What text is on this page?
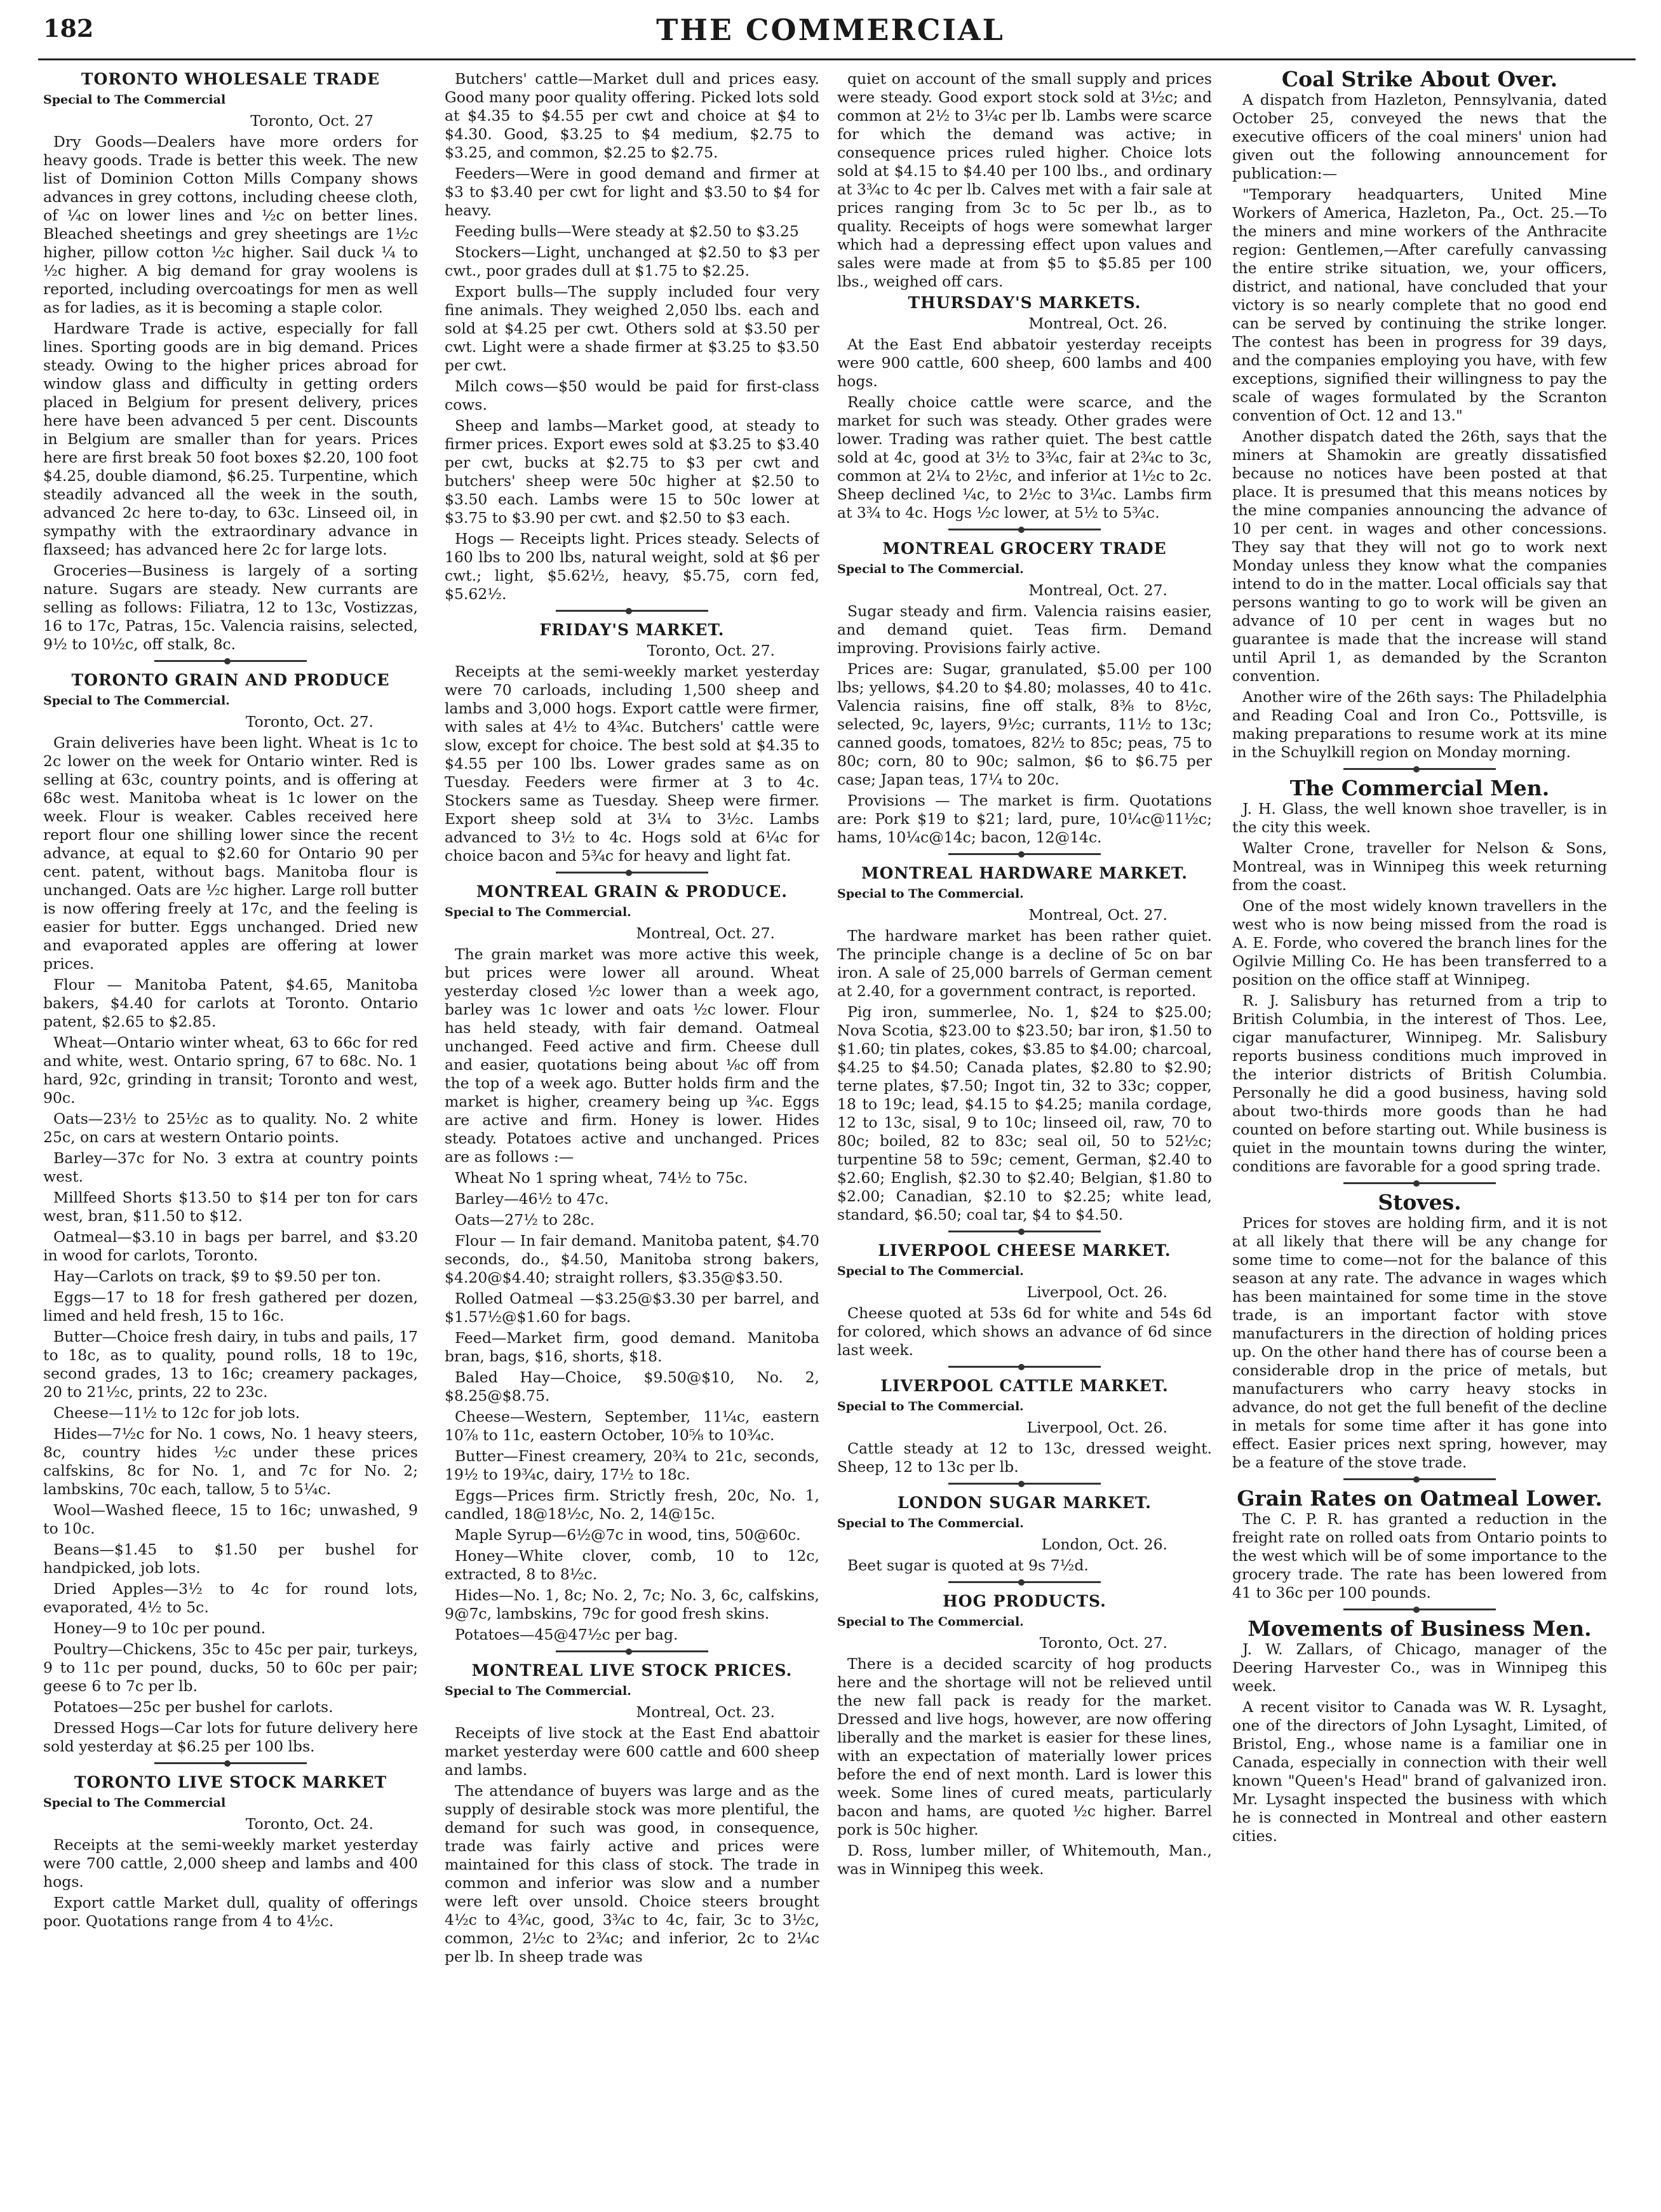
182	THE COMMERCIAL

TORONTO WHOLESALE TRADE

Special to The Commercial

Toronto, Oct. 27

Dry Goods—Dealers have more orders for heavy goods. Trade is better this week. The new list of Dominion Cotton Mills Company shows advances in grey cottons, including cheese cloth, of ¼c on lower lines and ½c on better lines. Bleached sheetings and grey sheetings are 1½c higher, pillow cotton ½c higher. Sail duck ¼ to ½c higher. A big demand for gray woolens is reported, including overcoatings for men as well as for ladies, as it is becoming a staple color.

Hardware Trade is active, especially for fall lines. Sporting goods are in big demand. Prices steady. Owing to the higher prices abroad for window glass and difficulty in getting orders placed in Belgium for present delivery, prices here have been advanced 5 per cent. Discounts in Belgium are smaller than for years. Prices here are first break 50 foot boxes $2.20, 100 foot $4.25, double diamond, $6.25. Turpentine, which steadily advanced all the week in the south, advanced 2c here to-day, to 63c. Linseed oil, in sympathy with the extraordinary advance in flaxseed; has advanced here 2c for large lots.

Groceries—Business is largely of a sorting nature. Sugars are steady. New currants are selling as follows: Filiatra, 12 to 13c, Vostizzas, 16 to 17c, Patras, 15c. Valencia raisins, selected, 9½ to 10½c, off stalk, 8c.

TORONTO GRAIN AND PRODUCE

Special to The Commercial.

Toronto, Oct. 27.

Grain deliveries have been light. Wheat is 1c to 2c lower on the week for Ontario winter. Red is selling at 63c, country points, and is offering at 68c west. Manitoba wheat is 1c lower on the week. Flour is weaker. Cables received here report flour one shilling lower since the recent advance, at equal to $2.60 for Ontario 90 per cent. patent, without bags. Manitoba flour is unchanged. Oats are ½c higher. Large roll butter is now offering freely at 17c, and the feeling is easier for butter. Eggs unchanged. Dried new and evaporated apples are offering at lower prices.

Flour — Manitoba Patent, $4.65, Manitoba bakers, $4.40 for carlots at Toronto. Ontario patent, $2.65 to $2.85.

Wheat—Ontario winter wheat, 63 to 66c for red and white, west. Ontario spring, 67 to 68c. No. 1 hard, 92c, grinding in transit; Toronto and west, 90c.

Oats—23½ to 25½c as to quality. No. 2 white 25c, on cars at western Ontario points.

Barley—37c for No. 3 extra at country points west.

Millfeed Shorts $13.50 to $14 per ton for cars west, bran, $11.50 to $12.

Oatmeal—$3.10 in bags per barrel, and $3.20 in wood for carlots, Toronto.

Hay—Carlots on track, $9 to $9.50 per ton.

Eggs—17 to 18 for fresh gathered per dozen, limed and held fresh, 15 to 16c.

Butter—Choice fresh dairy, in tubs and pails, 17 to 18c, as to quality, pound rolls, 18 to 19c, second grades, 13 to 16c; creamery packages, 20 to 21½c, prints, 22 to 23c.

Cheese—11½ to 12c for job lots.

Hides—7½c for No. 1 cows, No. 1 heavy steers, 8c, country hides ½c under these prices calfskins, 8c for No. 1, and 7c for No. 2; lambskins, 70c each, tallow, 5 to 5¼c.

Wool—Washed fleece, 15 to 16c; unwashed, 9 to 10c.

Beans—$1.45 to $1.50 per bushel for handpicked, job lots.

Dried Apples—3½ to 4c for round lots, evaporated, 4½ to 5c.

Honey—9 to 10c per pound.

Poultry—Chickens, 35c to 45c per pair, turkeys, 9 to 11c per pound, ducks, 50 to 60c per pair; geese 6 to 7c per lb.

Potatoes—25c per bushel for carlots.

Dressed Hogs—Car lots for future delivery here sold yesterday at $6.25 per 100 lbs.

TORONTO LIVE STOCK MARKET

Special to The Commercial

Toronto, Oct. 24.

Receipts at the semi-weekly market yesterday were 700 cattle, 2,000 sheep and lambs and 400 hogs.

Export cattle Market dull, quality of offerings poor. Quotations range from 4 to 4½c.

Butchers' cattle—Market dull and prices easy. Good many poor quality offering. Picked lots sold at $4.35 to $4.55 per cwt and choice at $4 to $4.30. Good, $3.25 to $4 medium, $2.75 to $3.25, and common, $2.25 to $2.75.

Feeders—Were in good demand and firmer at $3 to $3.40 per cwt for light and $3.50 to $4 for heavy.

Feeding bulls—Were steady at $2.50 to $3.25

Stockers—Light, unchanged at $2.50 to $3 per cwt., poor grades dull at $1.75 to $2.25.

Export bulls—The supply included four very fine animals. They weighed 2,050 lbs. each and sold at $4.25 per cwt. Others sold at $3.50 per cwt. Light were a shade firmer at $3.25 to $3.50 per cwt.

Milch cows—$50 would be paid for first-class cows.

Sheep and lambs—Market good, at steady to firmer prices. Export ewes sold at $3.25 to $3.40 per cwt, bucks at $2.75 to $3 per cwt and butchers' sheep were 50c higher at $2.50 to $3.50 each. Lambs were 15 to 50c lower at $3.75 to $3.90 per cwt. and $2.50 to $3 each.

Hogs — Receipts light. Prices steady. Selects of 160 lbs to 200 lbs, natural weight, sold at $6 per cwt.; light, $5.62½, heavy, $5.75, corn fed, $5.62½.

FRIDAY'S MARKET.

Toronto, Oct. 27.

Receipts at the semi-weekly market yesterday were 70 carloads, including 1,500 sheep and lambs and 3,000 hogs. Export cattle were firmer, with sales at 4½ to 4¾c. Butchers' cattle were slow, except for choice. The best sold at $4.35 to $4.55 per 100 lbs. Lower grades same as on Tuesday. Feeders were firmer at 3 to 4c. Stockers same as Tuesday. Sheep were firmer. Export sheep sold at 3¼ to 3½c. Lambs advanced to 3½ to 4c. Hogs sold at 6¼c for choice bacon and 5¾c for heavy and light fat.

MONTREAL GRAIN & PRODUCE.

Special to The Commercial.

Montreal, Oct. 27.

The grain market was more active this week, but prices were lower all around. Wheat yesterday closed ½c lower than a week ago, barley was 1c lower and oats ½c lower. Flour has held steady, with fair demand. Oatmeal unchanged. Feed active and firm. Cheese dull and easier, quotations being about ⅛c off from the top of a week ago. Butter holds firm and the market is higher, creamery being up ¾c. Eggs are active and firm. Honey is lower. Hides steady. Potatoes active and unchanged. Prices are as follows :—

Wheat No 1 spring wheat, 74½ to 75c.

Barley—46½ to 47c.

Oats—27½ to 28c.

Flour — In fair demand. Manitoba patent, $4.70 seconds, do., $4.50, Manitoba strong bakers, $4.20@$4.40; straight rollers, $3.35@$3.50.

Rolled Oatmeal —$3.25@$3.30 per barrel, and $1.57½@$1.60 for bags.

Feed—Market firm, good demand. Manitoba bran, bags, $16, shorts, $18.

Baled Hay—Choice, $9.50@$10, No. 2, $8.25@$8.75.

Cheese—Western, September, 11¼c, eastern 10⅞ to 11c, eastern October, 10⅝ to 10¾c.

Butter—Finest creamery, 20¾ to 21c, seconds, 19½ to 19¾c, dairy, 17½ to 18c.

Eggs—Prices firm. Strictly fresh, 20c, No. 1, candled, 18@18½c, No. 2, 14@15c.

Maple Syrup—6½@7c in wood, tins, 50@60c.

Honey—White clover, comb, 10 to 12c, extracted, 8 to 8½c.

Hides—No. 1, 8c; No. 2, 7c; No. 3, 6c, calfskins, 9@7c, lambskins, 79c for good fresh skins.

Potatoes—45@47½c per bag.

MONTREAL LIVE STOCK PRICES.

Special to The Commercial.

Montreal, Oct. 23.

Receipts of live stock at the East End abattoir market yesterday were 600 cattle and 600 sheep and lambs.

The attendance of buyers was large and as the supply of desirable stock was more plentiful, the demand for such was good, in consequence, trade was fairly active and prices were maintained for this class of stock. The trade in common and inferior was slow and a number were left over unsold. Choice steers brought 4½c to 4¾c, good, 3¾c to 4c, fair, 3c to 3½c, common, 2½c to 2¾c; and inferior, 2c to 2¼c per lb. In sheep trade was

quiet on account of the small supply and prices were steady. Good export stock sold at 3½c; and common at 2½ to 3¼c per lb. Lambs were scarce for which the demand was active; in consequence prices ruled higher. Choice lots sold at $4.15 to $4.40 per 100 lbs., and ordinary at 3¾c to 4c per lb. Calves met with a fair sale at prices ranging from 3c to 5c per lb., as to quality. Receipts of hogs were somewhat larger which had a depressing effect upon values and sales were made at from $5 to $5.85 per 100 lbs., weighed off cars.

THURSDAY'S MARKETS.

Montreal, Oct. 26.

At the East End abbatoir yesterday receipts were 900 cattle, 600 sheep, 600 lambs and 400 hogs.

Really choice cattle were scarce, and the market for such was steady. Other grades were lower. Trading was rather quiet. The best cattle sold at 4c, good at 3½ to 3¾c, fair at 2¾c to 3c, common at 2¼ to 2½c, and inferior at 1½c to 2c. Sheep declined ¼c, to 2½c to 3¼c. Lambs firm at 3¾ to 4c. Hogs ½c lower, at 5½ to 5¾c.

MONTREAL GROCERY TRADE

Special to The Commercial.

Montreal, Oct. 27.

Sugar steady and firm. Valencia raisins easier, and demand quiet. Teas firm. Demand improving. Provisions fairly active.

Prices are: Sugar, granulated, $5.00 per 100 lbs; yellows, $4.20 to $4.80; molasses, 40 to 41c. Valencia raisins, fine off stalk, 8⅜ to 8½c, selected, 9c, layers, 9½c; currants, 11½ to 13c; canned goods, tomatoes, 82½ to 85c; peas, 75 to 80c; corn, 80 to 90c; salmon, $6 to $6.75 per case; Japan teas, 17¼ to 20c.

Provisions — The market is firm. Quotations are: Pork $19 to $21; lard, pure, 10¼c@11½c; hams, 10¼c@14c; bacon, 12@14c.

MONTREAL HARDWARE MARKET.

Special to The Commercial.

Montreal, Oct. 27.

The hardware market has been rather quiet. The principle change is a decline of 5c on bar iron. A sale of 25,000 barrels of German cement at 2.40, for a government contract, is reported.

Pig iron, summerlee, No. 1, $24 to $25.00; Nova Scotia, $23.00 to $23.50; bar iron, $1.50 to $1.60; tin plates, cokes, $3.85 to $4.00; charcoal, $4.25 to $4.50; Canada plates, $2.80 to $2.90; terne plates, $7.50; Ingot tin, 32 to 33c; copper, 18 to 19c; lead, $4.15 to $4.25; manila cordage, 12 to 13c, sisal, 9 to 10c; linseed oil, raw, 70 to 80c; boiled, 82 to 83c; seal oil, 50 to 52½c; turpentine 58 to 59c; cement, German, $2.40 to $2.60; English, $2.30 to $2.40; Belgian, $1.80 to $2.00; Canadian, $2.10 to $2.25; white lead, standard, $6.50; coal tar, $4 to $4.50.

LIVERPOOL CHEESE MARKET.

Special to The Commercial.

Liverpool, Oct. 26.

Cheese quoted at 53s 6d for white and 54s 6d for colored, which shows an advance of 6d since last week.

LIVERPOOL CATTLE MARKET.

Special to The Commercial.

Liverpool, Oct. 26.

Cattle steady at 12 to 13c, dressed weight. Sheep, 12 to 13c per lb.

LONDON SUGAR MARKET.

Special to The Commercial.

London, Oct. 26.

Beet sugar is quoted at 9s 7½d.

HOG PRODUCTS.

Special to The Commercial.

Toronto, Oct. 27.

There is a decided scarcity of hog products here and the shortage will not be relieved until the new fall pack is ready for the market. Dressed and live hogs, however, are now offering liberally and the market is easier for these lines, with an expectation of materially lower prices before the end of next month. Lard is lower this week. Some lines of cured meats, particularly bacon and hams, are quoted ½c higher. Barrel pork is 50c higher.

D. Ross, lumber miller, of Whitemouth, Man., was in Winnipeg this week.

Coal Strike About Over.

A dispatch from Hazleton, Pennsylvania, dated October 25, conveyed the news that the executive officers of the coal miners' union had given out the following announcement for publication:—

"Temporary headquarters, United Mine Workers of America, Hazleton, Pa., Oct. 25.—To the miners and mine workers of the Anthracite region: Gentlemen,—After carefully canvassing the entire strike situation, we, your officers, district, and national, have concluded that your victory is so nearly complete that no good end can be served by continuing the strike longer. The contest has been in progress for 39 days, and the companies employing you have, with few exceptions, signified their willingness to pay the scale of wages formulated by the Scranton convention of Oct. 12 and 13."

Another dispatch dated the 26th, says that the miners at Shamokin are greatly dissatisfied because no notices have been posted at that place. It is presumed that this means notices by the mine companies announcing the advance of 10 per cent. in wages and other concessions. They say that they will not go to work next Monday unless they know what the companies intend to do in the matter. Local officials say that persons wanting to go to work will be given an advance of 10 per cent in wages but no guarantee is made that the increase will stand until April 1, as demanded by the Scranton convention.

Another wire of the 26th says: The Philadelphia and Reading Coal and Iron Co., Pottsville, is making preparations to resume work at its mine in the Schuylkill region on Monday morning.

The Commercial Men.

J. H. Glass, the well known shoe traveller, is in the city this week.

Walter Crone, traveller for Nelson & Sons, Montreal, was in Winnipeg this week returning from the coast.

One of the most widely known travellers in the west who is now being missed from the road is A. E. Forde, who covered the branch lines for the Ogilvie Milling Co. He has been transferred to a position on the office staff at Winnipeg.

R. J. Salisbury has returned from a trip to British Columbia, in the interest of Thos. Lee, cigar manufacturer, Winnipeg. Mr. Salisbury reports business conditions much improved in the interior districts of British Columbia. Personally he did a good business, having sold about two-thirds more goods than he had counted on before starting out. While business is quiet in the mountain towns during the winter, conditions are favorable for a good spring trade.

Stoves.

Prices for stoves are holding firm, and it is not at all likely that there will be any change for some time to come—not for the balance of this season at any rate. The advance in wages which has been maintained for some time in the stove trade, is an important factor with stove manufacturers in the direction of holding prices up. On the other hand there has of course been a considerable drop in the price of metals, but manufacturers who carry heavy stocks in advance, do not get the full benefit of the decline in metals for some time after it has gone into effect. Easier prices next spring, however, may be a feature of the stove trade.

Grain Rates on Oatmeal Lower.

The C. P. R. has granted a reduction in the freight rate on rolled oats from Ontario points to the west which will be of some importance to the grocery trade. The rate has been lowered from 41 to 36c per 100 pounds.

Movements of Business Men.

J. W. Zallars, of Chicago, manager of the Deering Harvester Co., was in Winnipeg this week.

A recent visitor to Canada was W. R. Lysaght, one of the directors of John Lysaght, Limited, of Bristol, Eng., whose name is a familiar one in Canada, especially in connection with their well known "Queen's Head" brand of galvanized iron. Mr. Lysaght inspected the business with which he is connected in Montreal and other eastern cities.
